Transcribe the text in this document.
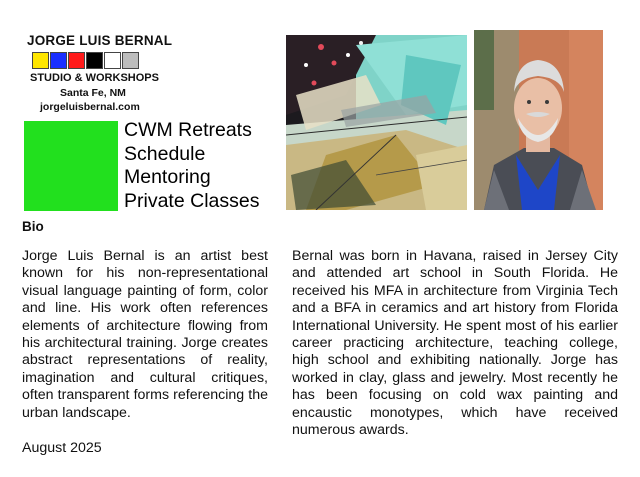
JORGE LUIS BERNAL
STUDIO & WORKSHOPS
Santa Fe, NM
jorgeluisbernal.com
CWM Retreats
Schedule
Mentoring
Private Classes
Bio

Jorge Luis Bernal is an artist best known for his non-representational visual language painting of form, color and line. His work often references elements of architecture flowing from his architectural training. Jorge creates abstract representations of reality, imagination and cultural critiques, often transparent forms referencing the urban landscape.

Bernal was born in Havana, raised in Jersey City and attended art school in South Florida. He received his MFA in architecture from Virginia Tech and a BFA in ceramics and art history from Florida International University. He spent most of his earlier career practicing architecture, teaching college, high school and exhibiting nationally. Jorge has worked in clay, glass and jewelry. Most recently he has been focusing on cold wax painting and encaustic monotypes, which have received numerous awards.

August 2025
